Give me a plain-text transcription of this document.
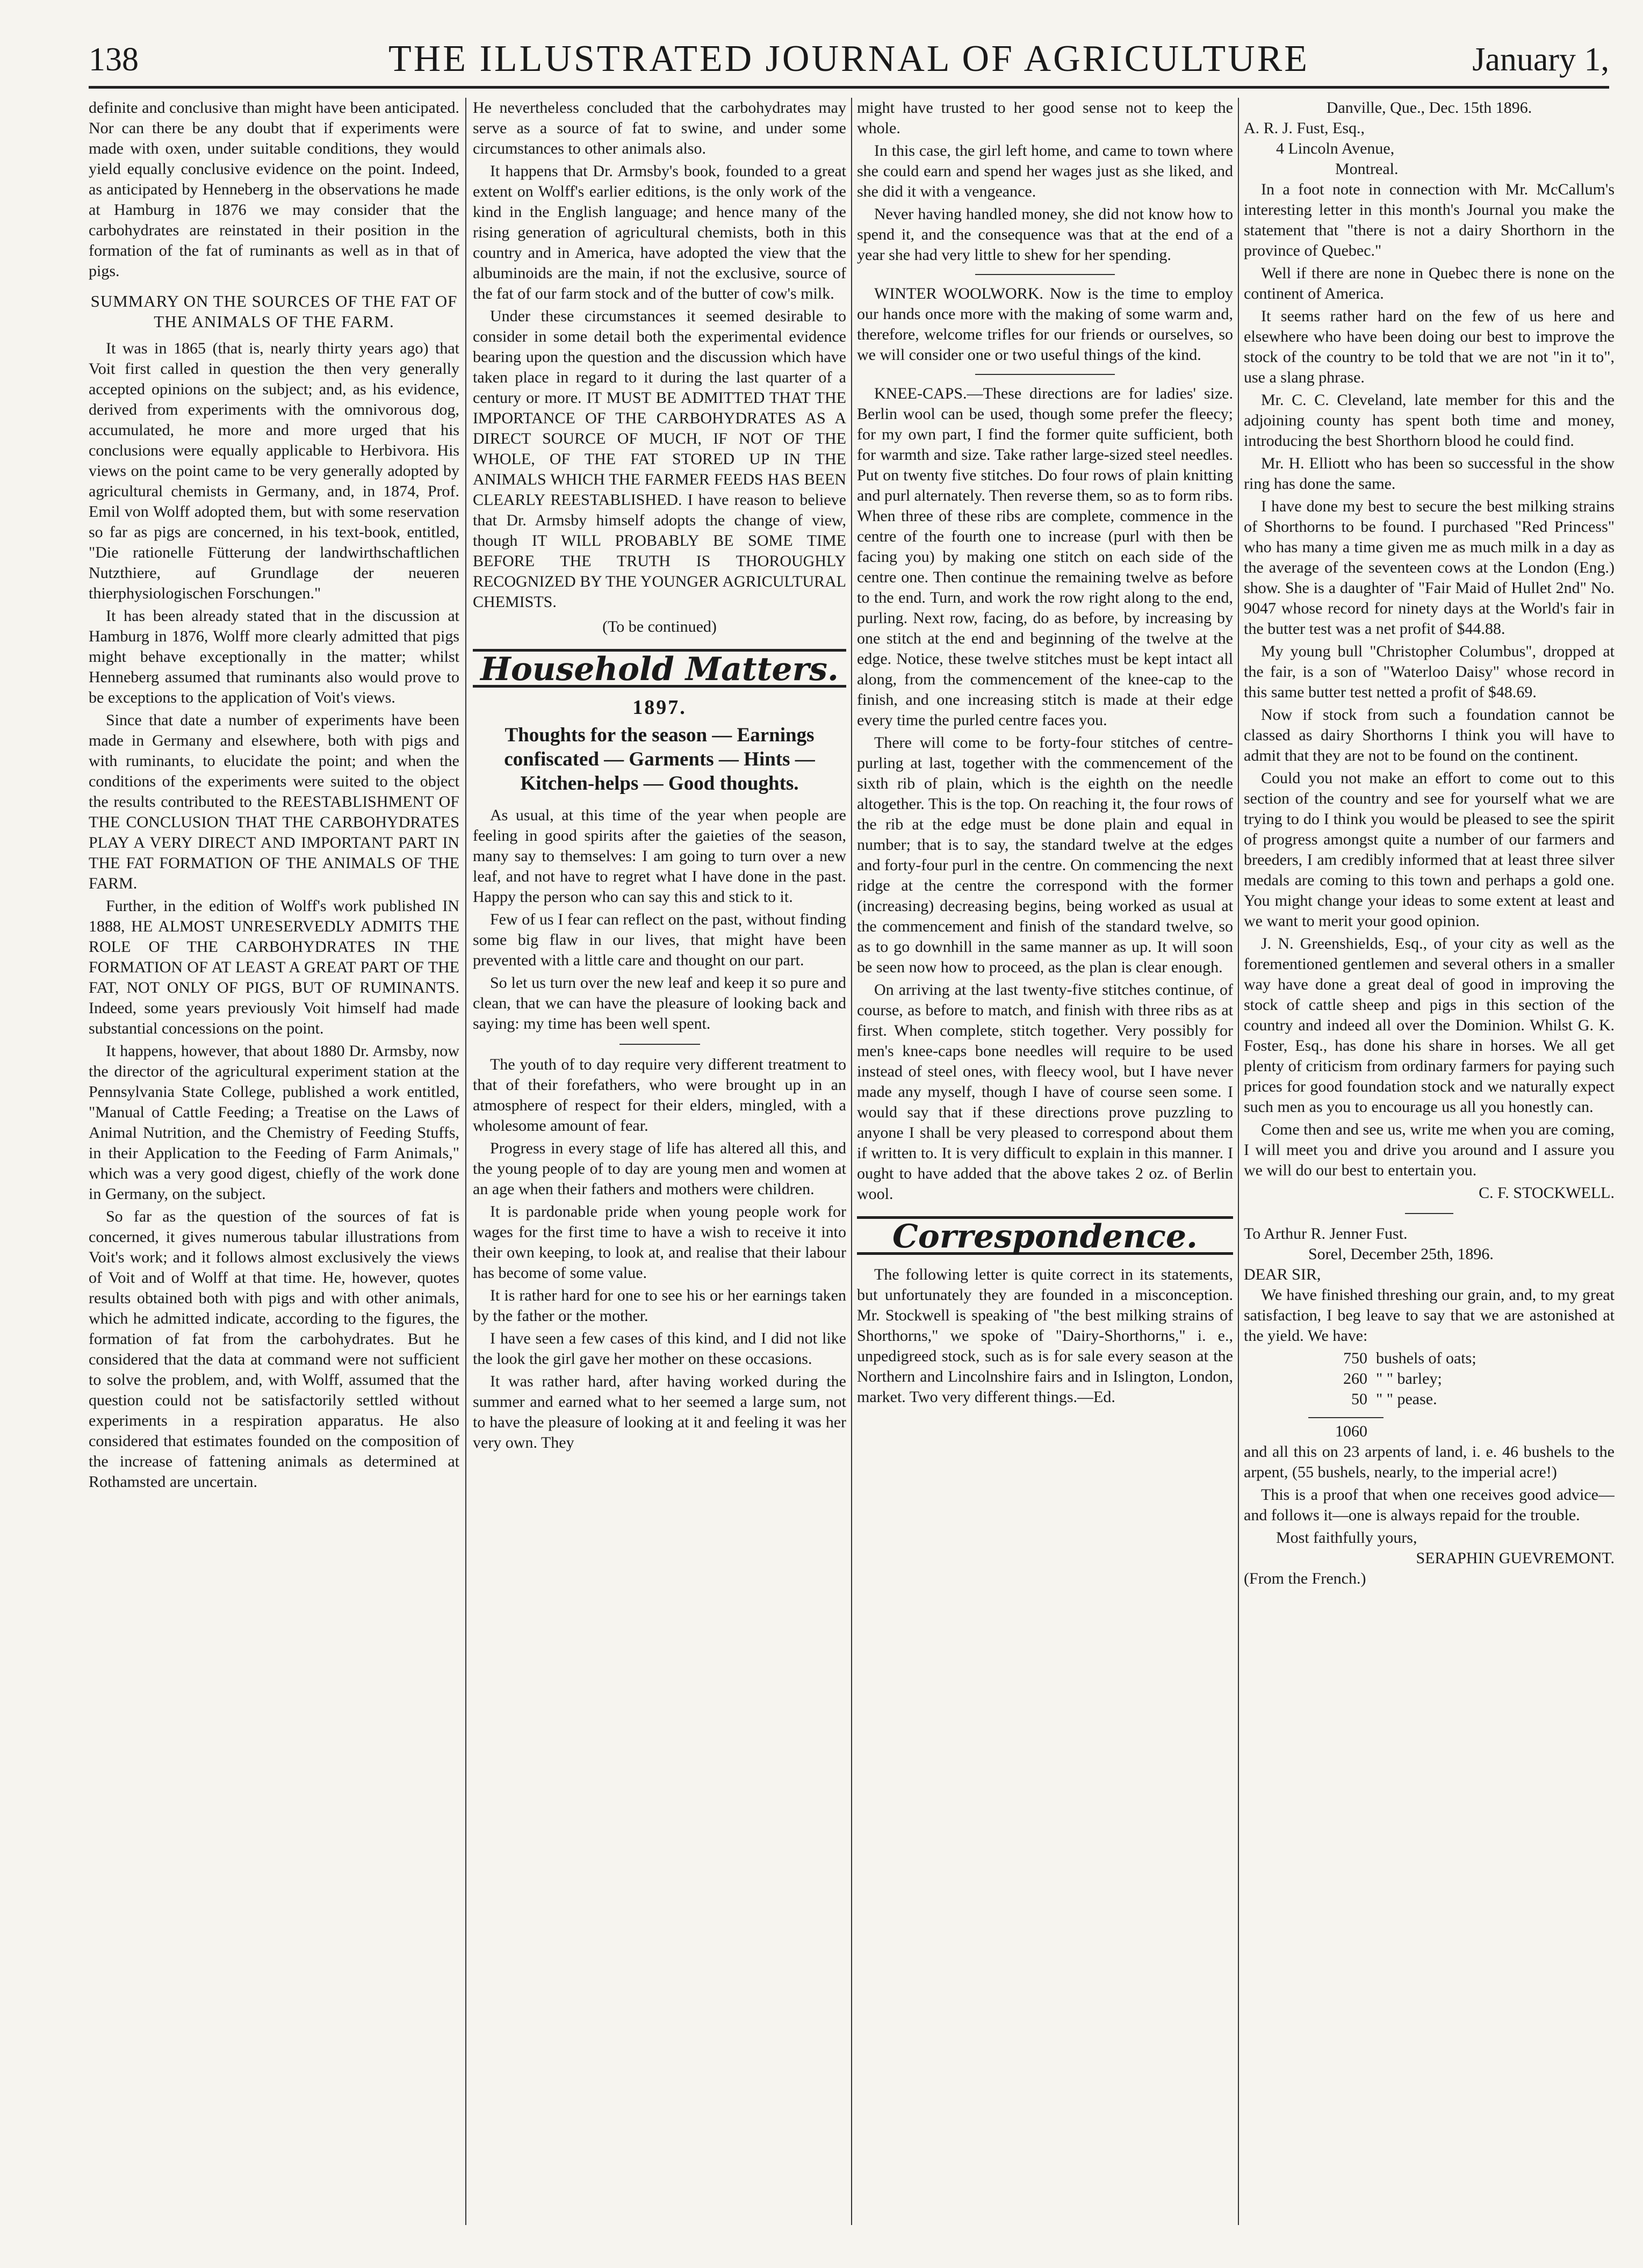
138	THE ILLUSTRATED JOURNAL OF AGRICULTURE	January 1,

definite and conclusive than might have been anticipated. Nor can there be any doubt that if experiments were made with oxen, under suitable conditions, they would yield equally conclusive evidence on the point. Indeed, as anticipated by Henneberg in the observations he made at Hamburg in 1876 we may consider that the carbohydrates are reinstated in their position in the formation of the fat of ruminants as well as in that of pigs.

SUMMARY ON THE SOURCES OF THE FAT OF THE ANIMALS OF THE FARM.

It was in 1865 (that is, nearly thirty years ago) that Voit first called in question the then very generally accepted opinions on the subject; and, as his evidence, derived from experiments with the omnivorous dog, accumulated, he more and more urged that his conclusions were equally applicable to Herbivora. His views on the point came to be very generally adopted by agricultural chemists in Germany, and, in 1874, Prof. Emil von Wolff adopted them, but with some reservation so far as pigs are concerned, in his text-book, entitled, "Die rationelle Fütterung der landwirthschaftlichen Nutzthiere, auf Grundlage der neueren thierphysiologischen Forschungen."

It has been already stated that in the discussion at Hamburg in 1876, Wolff more clearly admitted that pigs might behave exceptionally in the matter; whilst Henneberg assumed that ruminants also would prove to be exceptions to the application of Voit's views.

Since that date a number of experiments have been made in Germany and elsewhere, both with pigs and with ruminants, to elucidate the point; and when the conditions of the experiments were suited to the object the results contributed to the REESTABLISHMENT OF THE CONCLUSION THAT THE CARBOHYDRATES PLAY A VERY DIRECT AND IMPORTANT PART IN THE FAT FORMATION OF THE ANIMALS OF THE FARM.

Further, in the edition of Wolff's work published IN 1888, HE ALMOST UNRESERVEDLY ADMITS THE ROLE OF THE CARBOHYDRATES IN THE FORMATION OF AT LEAST A GREAT PART OF THE FAT, NOT ONLY OF PIGS, BUT OF RUMINANTS. Indeed, some years previously Voit himself had made substantial concessions on the point.

It happens, however, that about 1880 Dr. Armsby, now the director of the agricultural experiment station at the Pennsylvania State College, published a work entitled, "Manual of Cattle Feeding; a Treatise on the Laws of Animal Nutrition, and the Chemistry of Feeding Stuffs, in their Application to the Feeding of Farm Animals," which was a very good digest, chiefly of the work done in Germany, on the subject.

So far as the question of the sources of fat is concerned, it gives numerous tabular illustrations from Voit's work; and it follows almost exclusively the views of Voit and of Wolff at that time. He, however, quotes results obtained both with pigs and with other animals, which he admitted indicate, according to the figures, the formation of fat from the carbohydrates. But he considered that the data at command were not sufficient to solve the problem, and, with Wolff, assumed that the question could not be satisfactorily settled without experiments in a respiration apparatus. He also considered that estimates founded on the composition of the increase of fattening animals as determined at Rothamsted are uncertain.

He nevertheless concluded that the carbohydrates may serve as a source of fat to swine, and under some circumstances to other animals also.

It happens that Dr. Armsby's book, founded to a great extent on Wolff's earlier editions, is the only work of the kind in the English language; and hence many of the rising generation of agricultural chemists, both in this country and in America, have adopted the view that the albuminoids are the main, if not the exclusive, source of the fat of our farm stock and of the butter of cow's milk.

Under these circumstances it seemed desirable to consider in some detail both the experimental evidence bearing upon the question and the discussion which have taken place in regard to it during the last quarter of a century or more. IT MUST BE ADMITTED THAT THE IMPORTANCE OF THE CARBOHYDRATES AS A DIRECT SOURCE OF MUCH, IF NOT OF THE WHOLE, OF THE FAT STORED UP IN THE ANIMALS WHICH THE FARMER FEEDS HAS BEEN CLEARLY REESTABLISHED. I have reason to believe that Dr. Armsby himself adopts the change of view, though IT WILL PROBABLY BE SOME TIME BEFORE THE TRUTH IS THOROUGHLY RECOGNIZED BY THE YOUNGER AGRICULTURAL CHEMISTS.

(To be continued)
Household Matters.
1897.
Thoughts for the season — Earnings confiscated — Garments — Hints — Kitchen-helps — Good thoughts.

As usual, at this time of the year when people are feeling in good spirits after the gaieties of the season, many say to themselves: I am going to turn over a new leaf, and not have to regret what I have done in the past. Happy the person who can say this and stick to it.

Few of us I fear can reflect on the past, without finding some big flaw in our lives, that might have been prevented with a little care and thought on our part.

So let us turn over the new leaf and keep it so pure and clean, that we can have the pleasure of looking back and saying: my time has been well spent.

The youth of to day require very different treatment to that of their forefathers, who were brought up in an atmosphere of respect for their elders, mingled, with a wholesome amount of fear.

Progress in every stage of life has altered all this, and the young people of to day are young men and women at an age when their fathers and mothers were children.

It is pardonable pride when young people work for wages for the first time to have a wish to receive it into their own keeping, to look at, and realise that their labour has become of some value.

It is rather hard for one to see his or her earnings taken by the father or the mother.

I have seen a few cases of this kind, and I did not like the look the girl gave her mother on these occasions.

It was rather hard, after having worked during the summer and earned what to her seemed a large sum, not to have the pleasure of looking at it and feeling it was her very own. They

might have trusted to her good sense not to keep the whole.

In this case, the girl left home, and came to town where she could earn and spend her wages just as she liked, and she did it with a vengeance.

Never having handled money, she did not know how to spend it, and the consequence was that at the end of a year she had very little to shew for her spending.

WINTER WOOLWORK. Now is the time to employ our hands once more with the making of some warm and, therefore, welcome trifles for our friends or ourselves, so we will consider one or two useful things of the kind.

KNEE-CAPS.—These directions are for ladies' size. Berlin wool can be used, though some prefer the fleecy; for my own part, I find the former quite sufficient, both for warmth and size. Take rather large-sized steel needles. Put on twenty five stitches. Do four rows of plain knitting and purl alternately. Then reverse them, so as to form ribs. When three of these ribs are complete, commence in the centre of the fourth one to increase (purl with then be facing you) by making one stitch on each side of the centre one. Then continue the remaining twelve as before to the end. Turn, and work the row right along to the end, purling. Next row, facing, do as before, by increasing by one stitch at the end and beginning of the twelve at the edge. Notice, these twelve stitches must be kept intact all along, from the commencement of the knee-cap to the finish, and one increasing stitch is made at their edge every time the purled centre faces you.

There will come to be forty-four stitches of centre-purling at last, together with the commencement of the sixth rib of plain, which is the eighth on the needle altogether. This is the top. On reaching it, the four rows of the rib at the edge must be done plain and equal in number; that is to say, the standard twelve at the edges and forty-four purl in the centre. On commencing the next ridge at the centre the correspond with the former (increasing) decreasing begins, being worked as usual at the commencement and finish of the standard twelve, so as to go downhill in the same manner as up. It will soon be seen now how to proceed, as the plan is clear enough.

On arriving at the last twenty-five stitches continue, of course, as before to match, and finish with three ribs as at first. When complete, stitch together. Very possibly for men's knee-caps bone needles will require to be used instead of steel ones, with fleecy wool, but I have never made any myself, though I have of course seen some. I would say that if these directions prove puzzling to anyone I shall be very pleased to correspond about them if written to. It is very difficult to explain in this manner. I ought to have added that the above takes 2 oz. of Berlin wool.

Correspondence.

The following letter is quite correct in its statements, but unfortunately they are founded in a misconception. Mr. Stockwell is speaking of "the best milking strains of Shorthorns," we spoke of "Dairy-Shorthorns," i. e., unpedigreed stock, such as is for sale every season at the Northern and Lincolnshire fairs and in Islington, London, market. Two very different things.—Ed.

Danville, Que., Dec. 15th 1896.
A. R. J. Fust, Esq.,
4 Lincoln Avenue,
Montreal.

In a foot note in connection with Mr. McCallum's interesting letter in this month's Journal you make the statement that "there is not a dairy Shorthorn in the province of Quebec."

Well if there are none in Quebec there is none on the continent of America.

It seems rather hard on the few of us here and elsewhere who have been doing our best to improve the stock of the country to be told that we are not "in it to", use a slang phrase.

Mr. C. C. Cleveland, late member for this and the adjoining county has spent both time and money, introducing the best Shorthorn blood he could find.

Mr. H. Elliott who has been so successful in the show ring has done the same.

I have done my best to secure the best milking strains of Shorthorns to be found. I purchased "Red Princess" who has many a time given me as much milk in a day as the average of the seventeen cows at the London (Eng.) show. She is a daughter of "Fair Maid of Hullet 2nd" No. 9047 whose record for ninety days at the World's fair in the butter test was a net profit of $44.88.

My young bull "Christopher Columbus", dropped at the fair, is a son of "Waterloo Daisy" whose record in this same butter test netted a profit of $48.69.

Now if stock from such a foundation cannot be classed as dairy Shorthorns I think you will have to admit that they are not to be found on the continent.

Could you not make an effort to come out to this section of the country and see for yourself what we are trying to do I think you would be pleased to see the spirit of progress amongst quite a number of our farmers and breeders, I am credibly informed that at least three silver medals are coming to this town and perhaps a gold one. You might change your ideas to some extent at least and we want to merit your good opinion.

J. N. Greenshields, Esq., of your city as well as the forementioned gentlemen and several others in a smaller way have done a great deal of good in improving the stock of cattle sheep and pigs in this section of the country and indeed all over the Dominion. Whilst G. K. Foster, Esq., has done his share in horses. We all get plenty of criticism from ordinary farmers for paying such prices for good foundation stock and we naturally expect such men as you to encourage us all you honestly can.

Come then and see us, write me when you are coming, I will meet you and drive you around and I assure you we will do our best to entertain you.

C. F. STOCKWELL.
To Arthur R. Jenner Fust.
Sorel, December 25th, 1896.
DEAR SIR,

We have finished threshing our grain, and, to my great satisfaction, I beg leave to say that we are astonished at the yield. We have:

750 bushels of oats;
260 " " barley;
50 " " pease.
1060

and all this on 23 arpents of land, i. e. 46 bushels to the arpent, (55 bushels, nearly, to the imperial acre!)

This is a proof that when one receives good advice—and follows it—one is always repaid for the trouble.

Most faithfully yours,
SERAPHIN GUEVREMONT.
(From the French.)
